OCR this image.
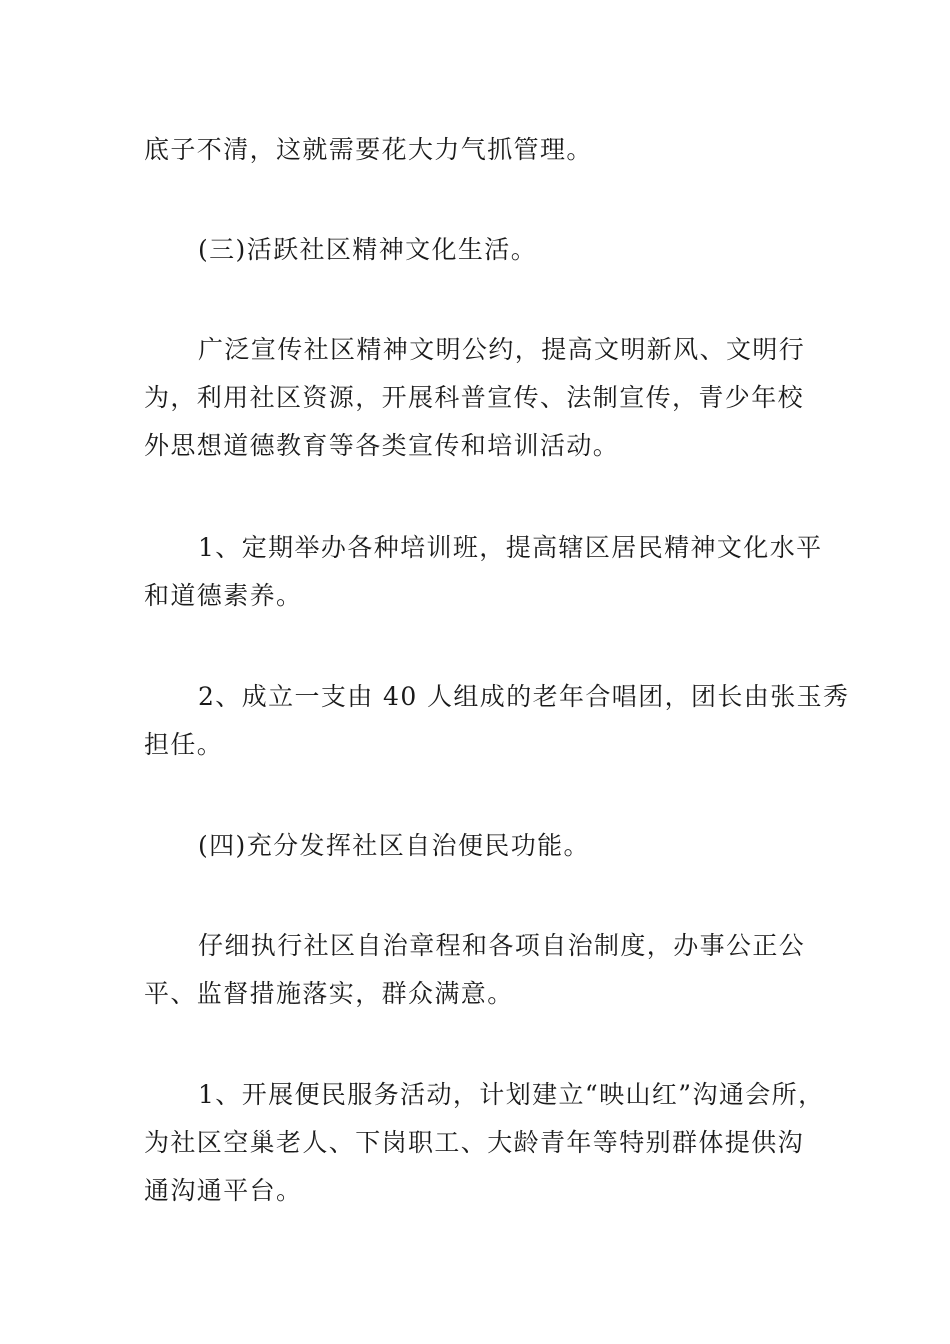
底子不清，这就需要花大力气抓管理。

(三)活跃社区精神文化生活。

广泛宣传社区精神文明公约，提高文明新风、文明行
为，利用社区资源，开展科普宣传、法制宣传，青少年校
外思想道德教育等各类宣传和培训活动。

1、定期举办各种培训班，提高辖区居民精神文化水平
和道德素养。

2、成立一支由 40 人组成的老年合唱团，团长由张玉秀
担任。

(四)充分发挥社区自治便民功能。

仔细执行社区自治章程和各项自治制度，办事公正公
平、监督措施落实，群众满意。

1、开展便民服务活动，计划建立“映山红”沟通会所，
为社区空巢老人、下岗职工、大龄青年等特别群体提供沟
通沟通平台。
